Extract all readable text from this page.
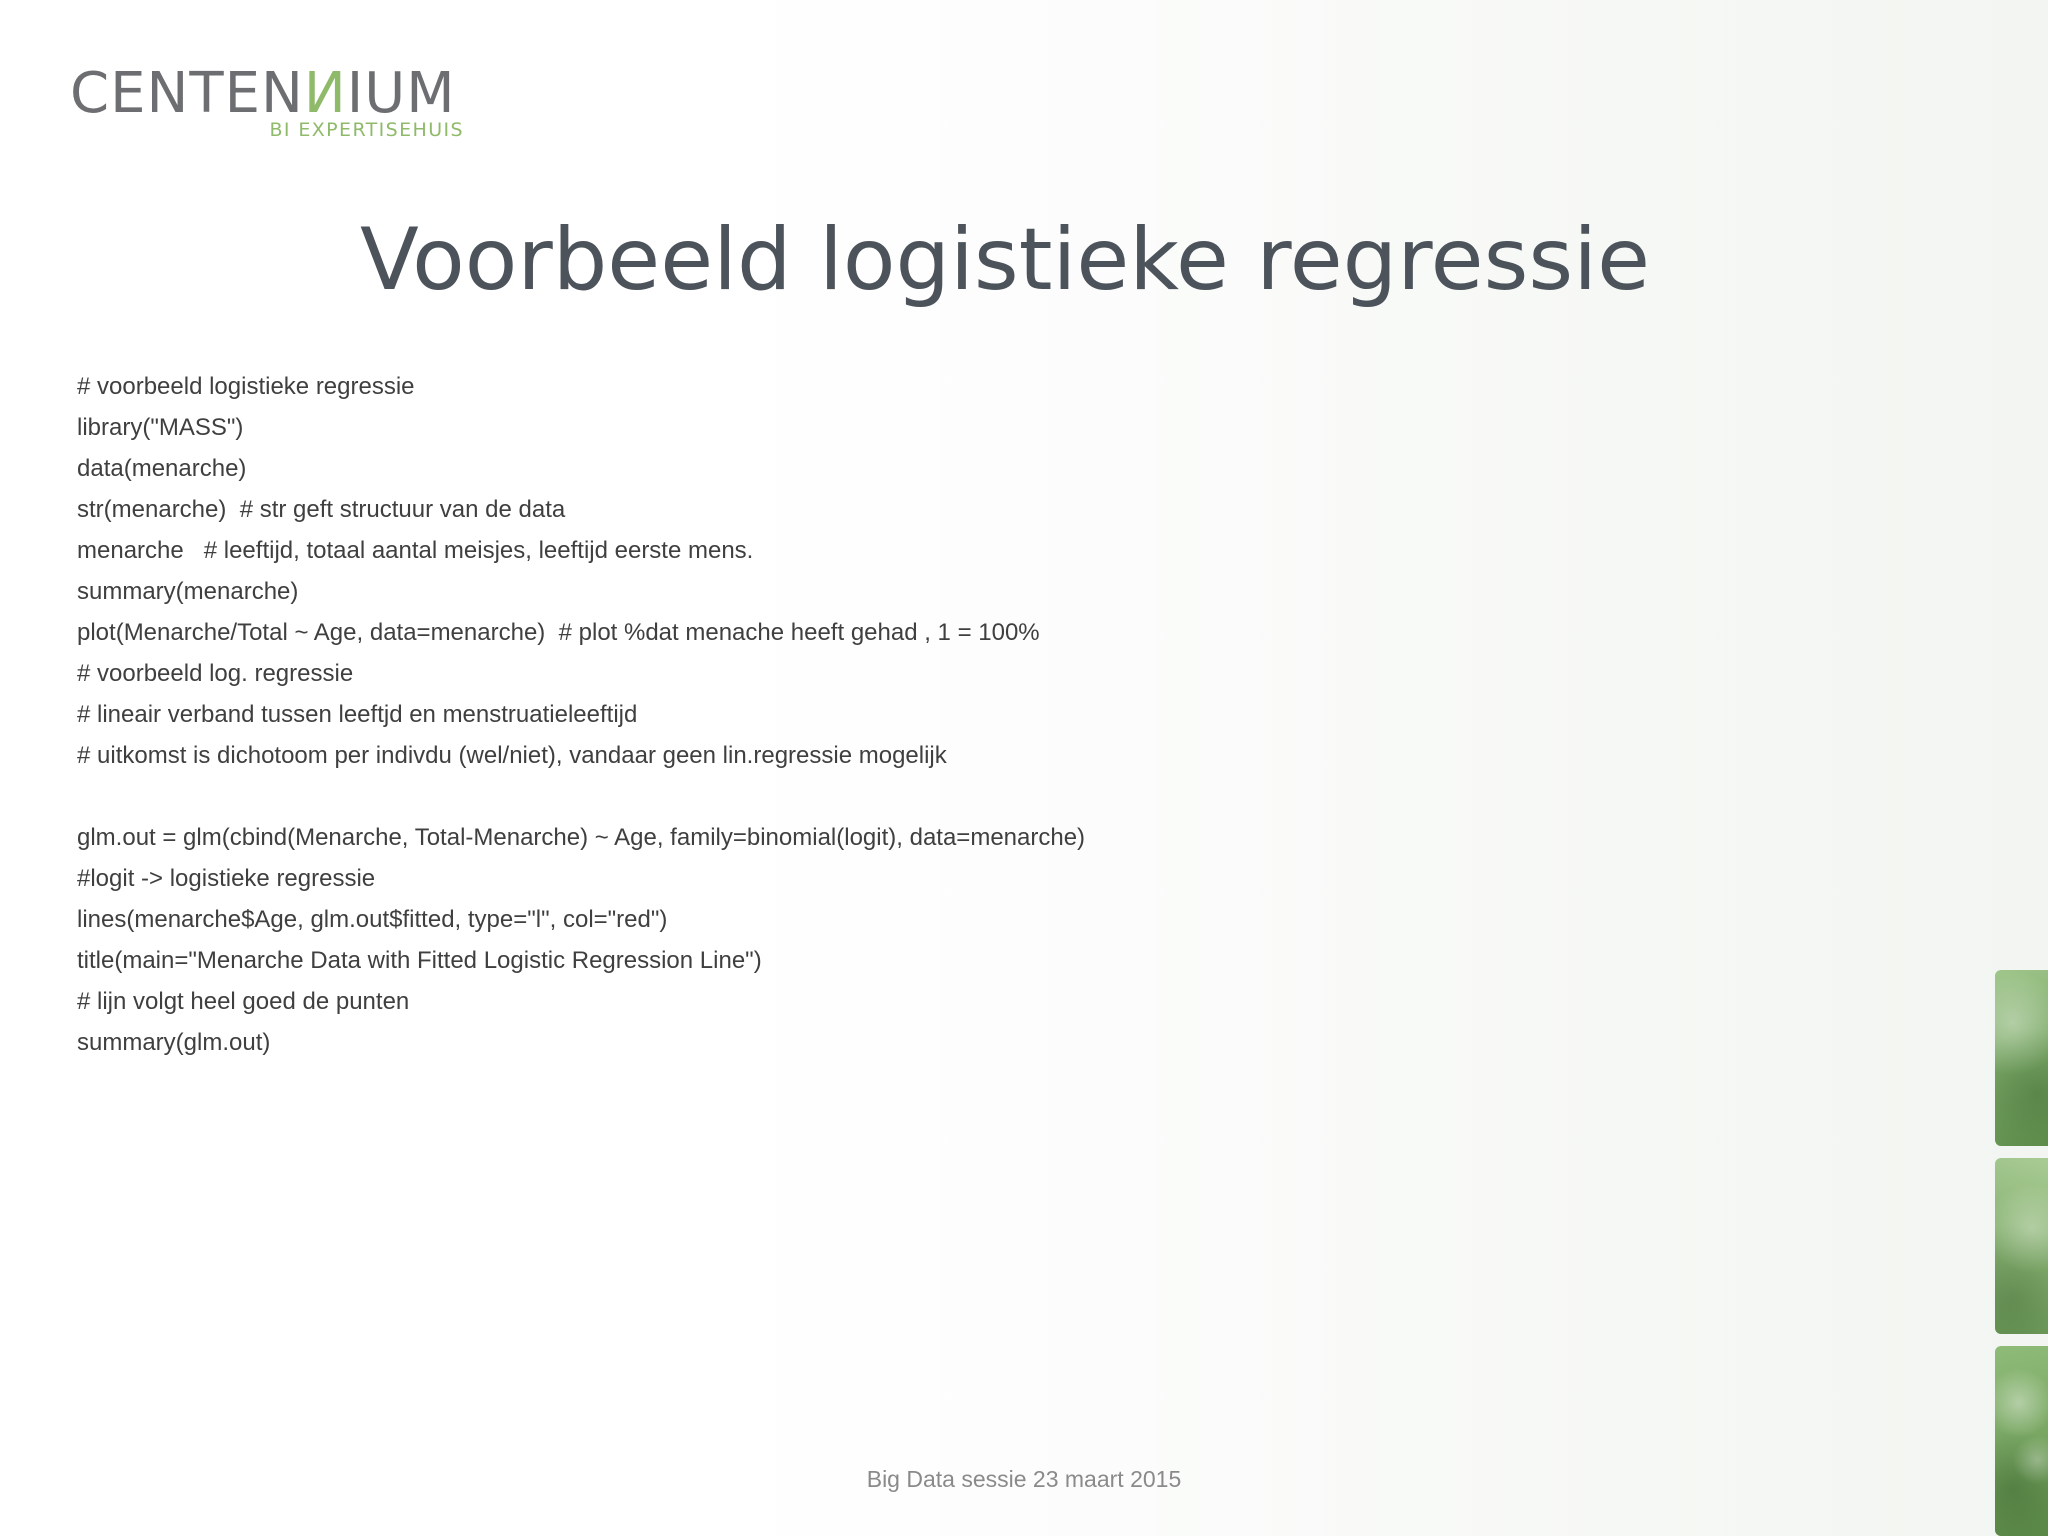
CENTENИIUM
BI EXPERTISEHUIS
Voorbeeld logistieke regressie
# voorbeeld logistieke regressie
library("MASS")
data(menarche)
str(menarche)  # str geft structuur van de data
menarche   # leeftijd, totaal aantal meisjes, leeftijd eerste mens.
summary(menarche)
plot(Menarche/Total ~ Age, data=menarche)  # plot %dat menache heeft gehad , 1 = 100%
# voorbeeld log. regressie
# lineair verband tussen leeftjd en menstruatieleeftijd
# uitkomst is dichotoom per indivdu (wel/niet), vandaar geen lin.regressie mogelijk
glm.out = glm(cbind(Menarche, Total-Menarche) ~ Age, family=binomial(logit), data=menarche)
#logit -> logistieke regressie
lines(menarche$Age, glm.out$fitted, type="l", col="red")
title(main="Menarche Data with Fitted Logistic Regression Line")
# lijn volgt heel goed de punten
summary(glm.out)
Big Data sessie 23 maart 2015
